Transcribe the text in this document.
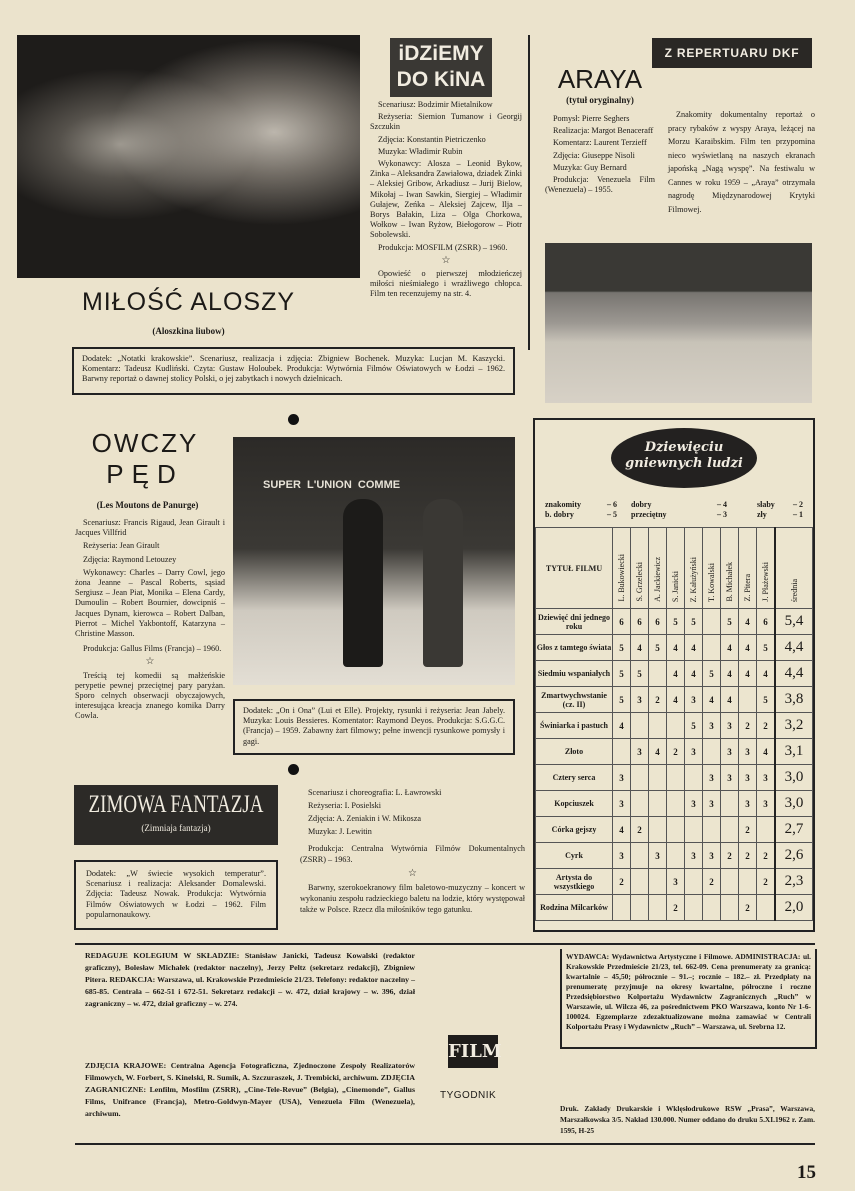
iDZiEMY
DO KiNA

Scenariusz: Bodzimir Mietalnikow

Reżyseria: Siemion Tumanow i Georgij Szczukin

Zdjęcia: Konstantin Pietriczenko

Muzyka: Władimir Rubin

Wykonawcy: Alosza – Leonid Bykow, Zinka – Aleksandra Zawiałowa, dziadek Zinki – Aleksiej Gribow, Arkadiusz – Jurij Bielow, Mikołaj – Iwan Sawkin, Siergiej – Władimir Gułajew, Zeńka – Aleksiej Zajcew, Ilja – Borys Bałakin, Liza – Olga Chorkowa, Wołkow – Iwan Ryżow, Biełogorow – Piotr Sobolewski.

Produkcja: MOSFILM (ZSRR) – 1960.

☆

Opowieść o pierwszej młodzieńczej miłości nieśmiałego i wrażliwego chłopca. Film ten recenzujemy na str. 4.

MIŁOŚĆ ALOSZY
(Aloszkina liubow)
Dodatek: „Notatki krakowskie”. Scenariusz, realizacja i zdjęcia: Zbigniew Bochenek. Muzyka: Lucjan M. Kaszycki. Komentarz: Tadeusz Kudliński. Czyta: Gustaw Holoubek. Produkcja: Wytwórnia Filmów Oświatowych w Łodzi – 1962. Barwny reportaż o dawnej stolicy Polski, o jej zabytkach i nowych dzielnicach.
Z REPERTUARU DKF
ARAYA
(tytuł oryginalny)

Pomysł: Pierre Seghers

Realizacja: Margot Benaceraff

Komentarz: Laurent Terzieff

Zdjęcia: Giuseppe Nisoli

Muzyka: Guy Bernard

Produkcja: Venezuela Film (Wenezuela) – 1955.

Znakomity dokumentalny reportaż o pracy rybaków z wyspy Araya, leżącej na Morzu Karaibskim. Film ten przypomina nieco wyświetlaną na naszych ekranach japońską „Nagą wyspę”. Na festiwalu w Cannes w roku 1959 – „Araya” otrzymała nagrodę Międzynarodowej Krytyki Filmowej.

OWCZY
PĘD
(Les Moutons de Panurge)

Scenariusz: Francis Rigaud, Jean Girault i Jacques Villfrid

Reżyseria: Jean Girault

Zdjęcia: Raymond Letouzey

Wykonawcy: Charles – Darry Cowl, jego żona Jeanne – Pascal Roberts, sąsiad Sergiusz – Jean Piat, Monika – Elena Cardy, Dumoulin – Robert Bournier, dowcipniś – Jacques Dynam, kierowca – Robert Dalban, Pierrot – Michel Yakbontoff, Katarzyna – Christine Masson.

Produkcja: Gallus Films (Francja) – 1960.

☆

Treścią tej komedii są małżeńskie perypetie pewnej przeciętnej pary paryżan. Sporo celnych obserwacji obyczajowych, interesująca kreacja znanego komika Darry Cowla.

SUPER  L'UNION  COMME
Dodatek: „On i Ona” (Lui et Elle). Projekty, rysunki i reżyseria: Jean Jabely. Muzyka: Louis Bessieres. Komentator: Raymond Deyos. Produkcja: S.G.G.C. (Francja) – 1959. Zabawny żart filmowy; pełne inwencji rysunkowe pomysły i gagi.
ZIMOWA FANTAZJA
(Zimniaja fantazja)
Dodatek: „W świecie wysokich temperatur”. Scenariusz i realizacja: Aleksander Domalewski. Zdjęcia: Tadeusz Nowak. Produkcja: Wytwórnia Filmów Oświatowych w Łodzi – 1962. Film popularnonaukowy.

Scenariusz i choreografia: L. Ławrowski

Reżyseria: I. Posielski

Zdjęcia: A. Zeniakin i W. Mikosza

Muzyka: J. Lewitin

Produkcja: Centralna Wytwórnia Filmów Dokumentalnych (ZSRR) – 1963.

☆

Barwny, szerokoekranowy film baletowo-muzyczny – koncert w wykonaniu zespołu radzieckiego baletu na lodzie, który występował także w Polsce. Rzecz dla miłośników tego gatunku.

Dziewięciu
gniewnych ludzi
znakomity	– 6	dobry	– 4	słaby	– 2
b. dobry	– 5	przeciętny	– 3	zły	– 1
TYTUŁ FILMU	L. Bukowiecki	S. Grzelecki	A. Jackiewicz	S. Janicki	Z. Kałużyński	T. Kowalski	B. Michałek	Z. Pitera	J. Płażewski	średnia
Dziewięć dni jednego roku	6	6	6	5	5		5	4	6	5,4
Głos z tamtego świata	5	4	5	4	4		4	4	5	4,4
Siedmiu wspaniałych	5	5		4	4	5	4	4	4	4,4
Zmartwychwstanie (cz. II)	5	3	2	4	3	4	4		5	3,8
Świniarka i pastuch	4				5	3	3	2	2	3,2
Złoto		3	4	2	3		3	3	4	3,1
Cztery serca	3					3	3	3	3	3,0
Kopciuszek	3				3	3		3	3	3,0
Córka gejszy	4	2						2		2,7
Cyrk	3		3		3	3	2	2	2	2,6
Artysta do wszystkiego	2			3		2			2	2,3
Rodzina Milcarków				2				2		2,0
REDAGUJE KOLEGIUM W SKŁADZIE: Stanisław Janicki, Tadeusz Kowalski (redaktor graficzny), Bolesław Michałek (redaktor naczelny), Jerzy Peltz (sekretarz redakcji), Zbigniew Pitera. REDAKCJA: Warszawa, ul. Krakowskie Przedmieście 21/23. Telefony: redaktor naczelny – 685-85. Centrala – 662-51 i 672-51. Sekretarz redakcji – w. 472, dział krajowy – w. 396, dział zagraniczny – w. 472, dział graficzny – w. 274.
ZDJĘCIA KRAJOWE: Centralna Agencja Fotograficzna, Zjednoczone Zespoły Realizatorów Filmowych, W. Forbert, S. Kinelski, R. Sumik, A. Szczuraszek, J. Trembicki, archiwum. ZDJĘCIA ZAGRANICZNE: Lenfilm, Mosfilm (ZSRR), „Cine-Tele-Revue” (Belgia), „Cinemonde”, Gallus Films, Unifrance (Francja), Metro-Goldwyn-Mayer (USA), Venezuela Film (Wenezuela), archiwum.
FILM
TYGODNIK
WYDAWCA: Wydawnictwa Artystyczne i Filmowe. ADMINISTRACJA: ul. Krakowskie Przedmieście 21/23, tel. 662-09. Cena prenumeraty za granicą: kwartalnie – 45,50; półrocznie – 91.–; rocznie – 182.– zł. Przedpłaty na prenumeratę przyjmuje na okresy kwartalne, półroczne i roczne Przedsiębiorstwo Kolportażu Wydawnictw Zagranicznych „Ruch” w Warszawie, ul. Wilcza 46, za pośrednictwem PKO Warszawa, konto Nr 1-6-100024. Egzemplarze zdezaktualizowane można zamawiać w Centrali Kolportażu Prasy i Wydawnictw „Ruch” – Warszawa, ul. Srebrna 12.
Druk. Zakłady Drukarskie i Wklęsłodrukowe RSW „Prasa”, Warszawa, Marszałkowska 3/5. Nakład 130.000. Numer oddano do druku 5.XI.1962 r. Zam. 1595, H-25
15
